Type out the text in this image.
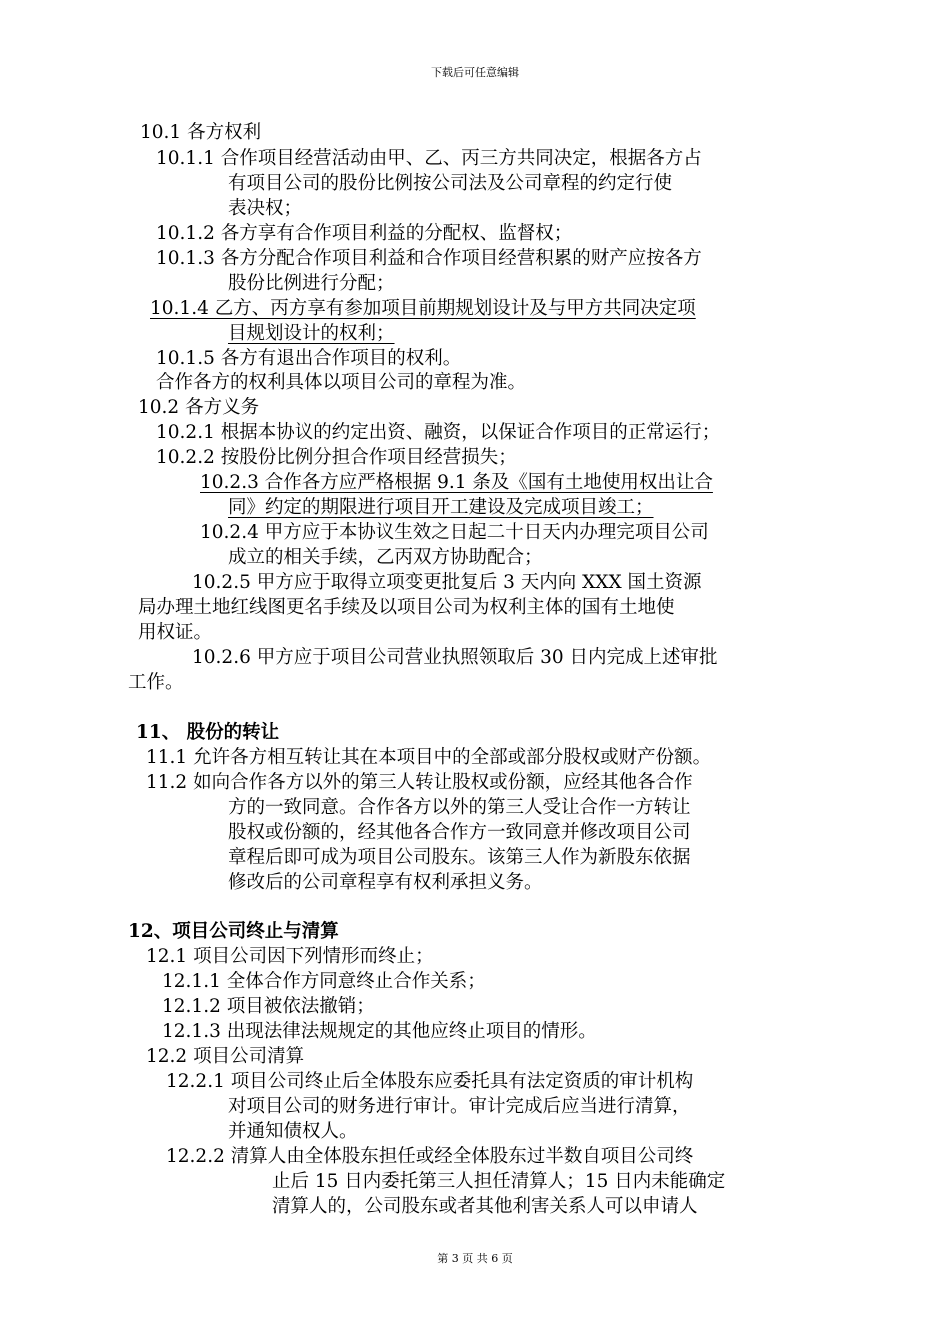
下载后可任意编辑
10.1 各方权利
10.1.1 合作项目经营活动由甲、乙、丙三方共同决定，根据各方占
有项目公司的股份比例按公司法及公司章程的约定行使
表决权；
10.1.2 各方享有合作项目利益的分配权、监督权；
10.1.3 各方分配合作项目利益和合作项目经营积累的财产应按各方
股份比例进行分配；
10.1.4 乙方、丙方享有参加项目前期规划设计及与甲方共同决定项
目规划设计的权利；
10.1.5 各方有退出合作项目的权利。
合作各方的权利具体以项目公司的章程为准。
10.2 各方义务
10.2.1 根据本协议的约定出资、融资，以保证合作项目的正常运行；
10.2.2 按股份比例分担合作项目经营损失；
10.2.3 合作各方应严格根据 9.1 条及《国有土地使用权出让合
同》约定的期限进行项目开工建设及完成项目竣工；
10.2.4 甲方应于本协议生效之日起二十日天内办理完项目公司
成立的相关手续，乙丙双方协助配合；
10.2.5 甲方应于取得立项变更批复后 3 天内向 XXX 国土资源
局办理土地红线图更名手续及以项目公司为权利主体的国有土地使
用权证。
10.2.6 甲方应于项目公司营业执照领取后 30 日内完成上述审批
工作。
11、 股份的转让
11.1 允许各方相互转让其在本项目中的全部或部分股权或财产份额。
11.2 如向合作各方以外的第三人转让股权或份额，应经其他各合作
方的一致同意。合作各方以外的第三人受让合作一方转让
股权或份额的，经其他各合作方一致同意并修改项目公司
章程后即可成为项目公司股东。该第三人作为新股东依据
修改后的公司章程享有权利承担义务。
12、项目公司终止与清算
12.1 项目公司因下列情形而终止；
12.1.1 全体合作方同意终止合作关系；
12.1.2 项目被依法撤销；
12.1.3 出现法律法规规定的其他应终止项目的情形。
12.2 项目公司清算
12.2.1 项目公司终止后全体股东应委托具有法定资质的审计机构
对项目公司的财务进行审计。审计完成后应当进行清算，
并通知债权人。
12.2.2 清算人由全体股东担任或经全体股东过半数自项目公司终
止后 15 日内委托第三人担任清算人；15 日内未能确定
清算人的，公司股东或者其他利害关系人可以申请人
第 3 页 共 6 页
